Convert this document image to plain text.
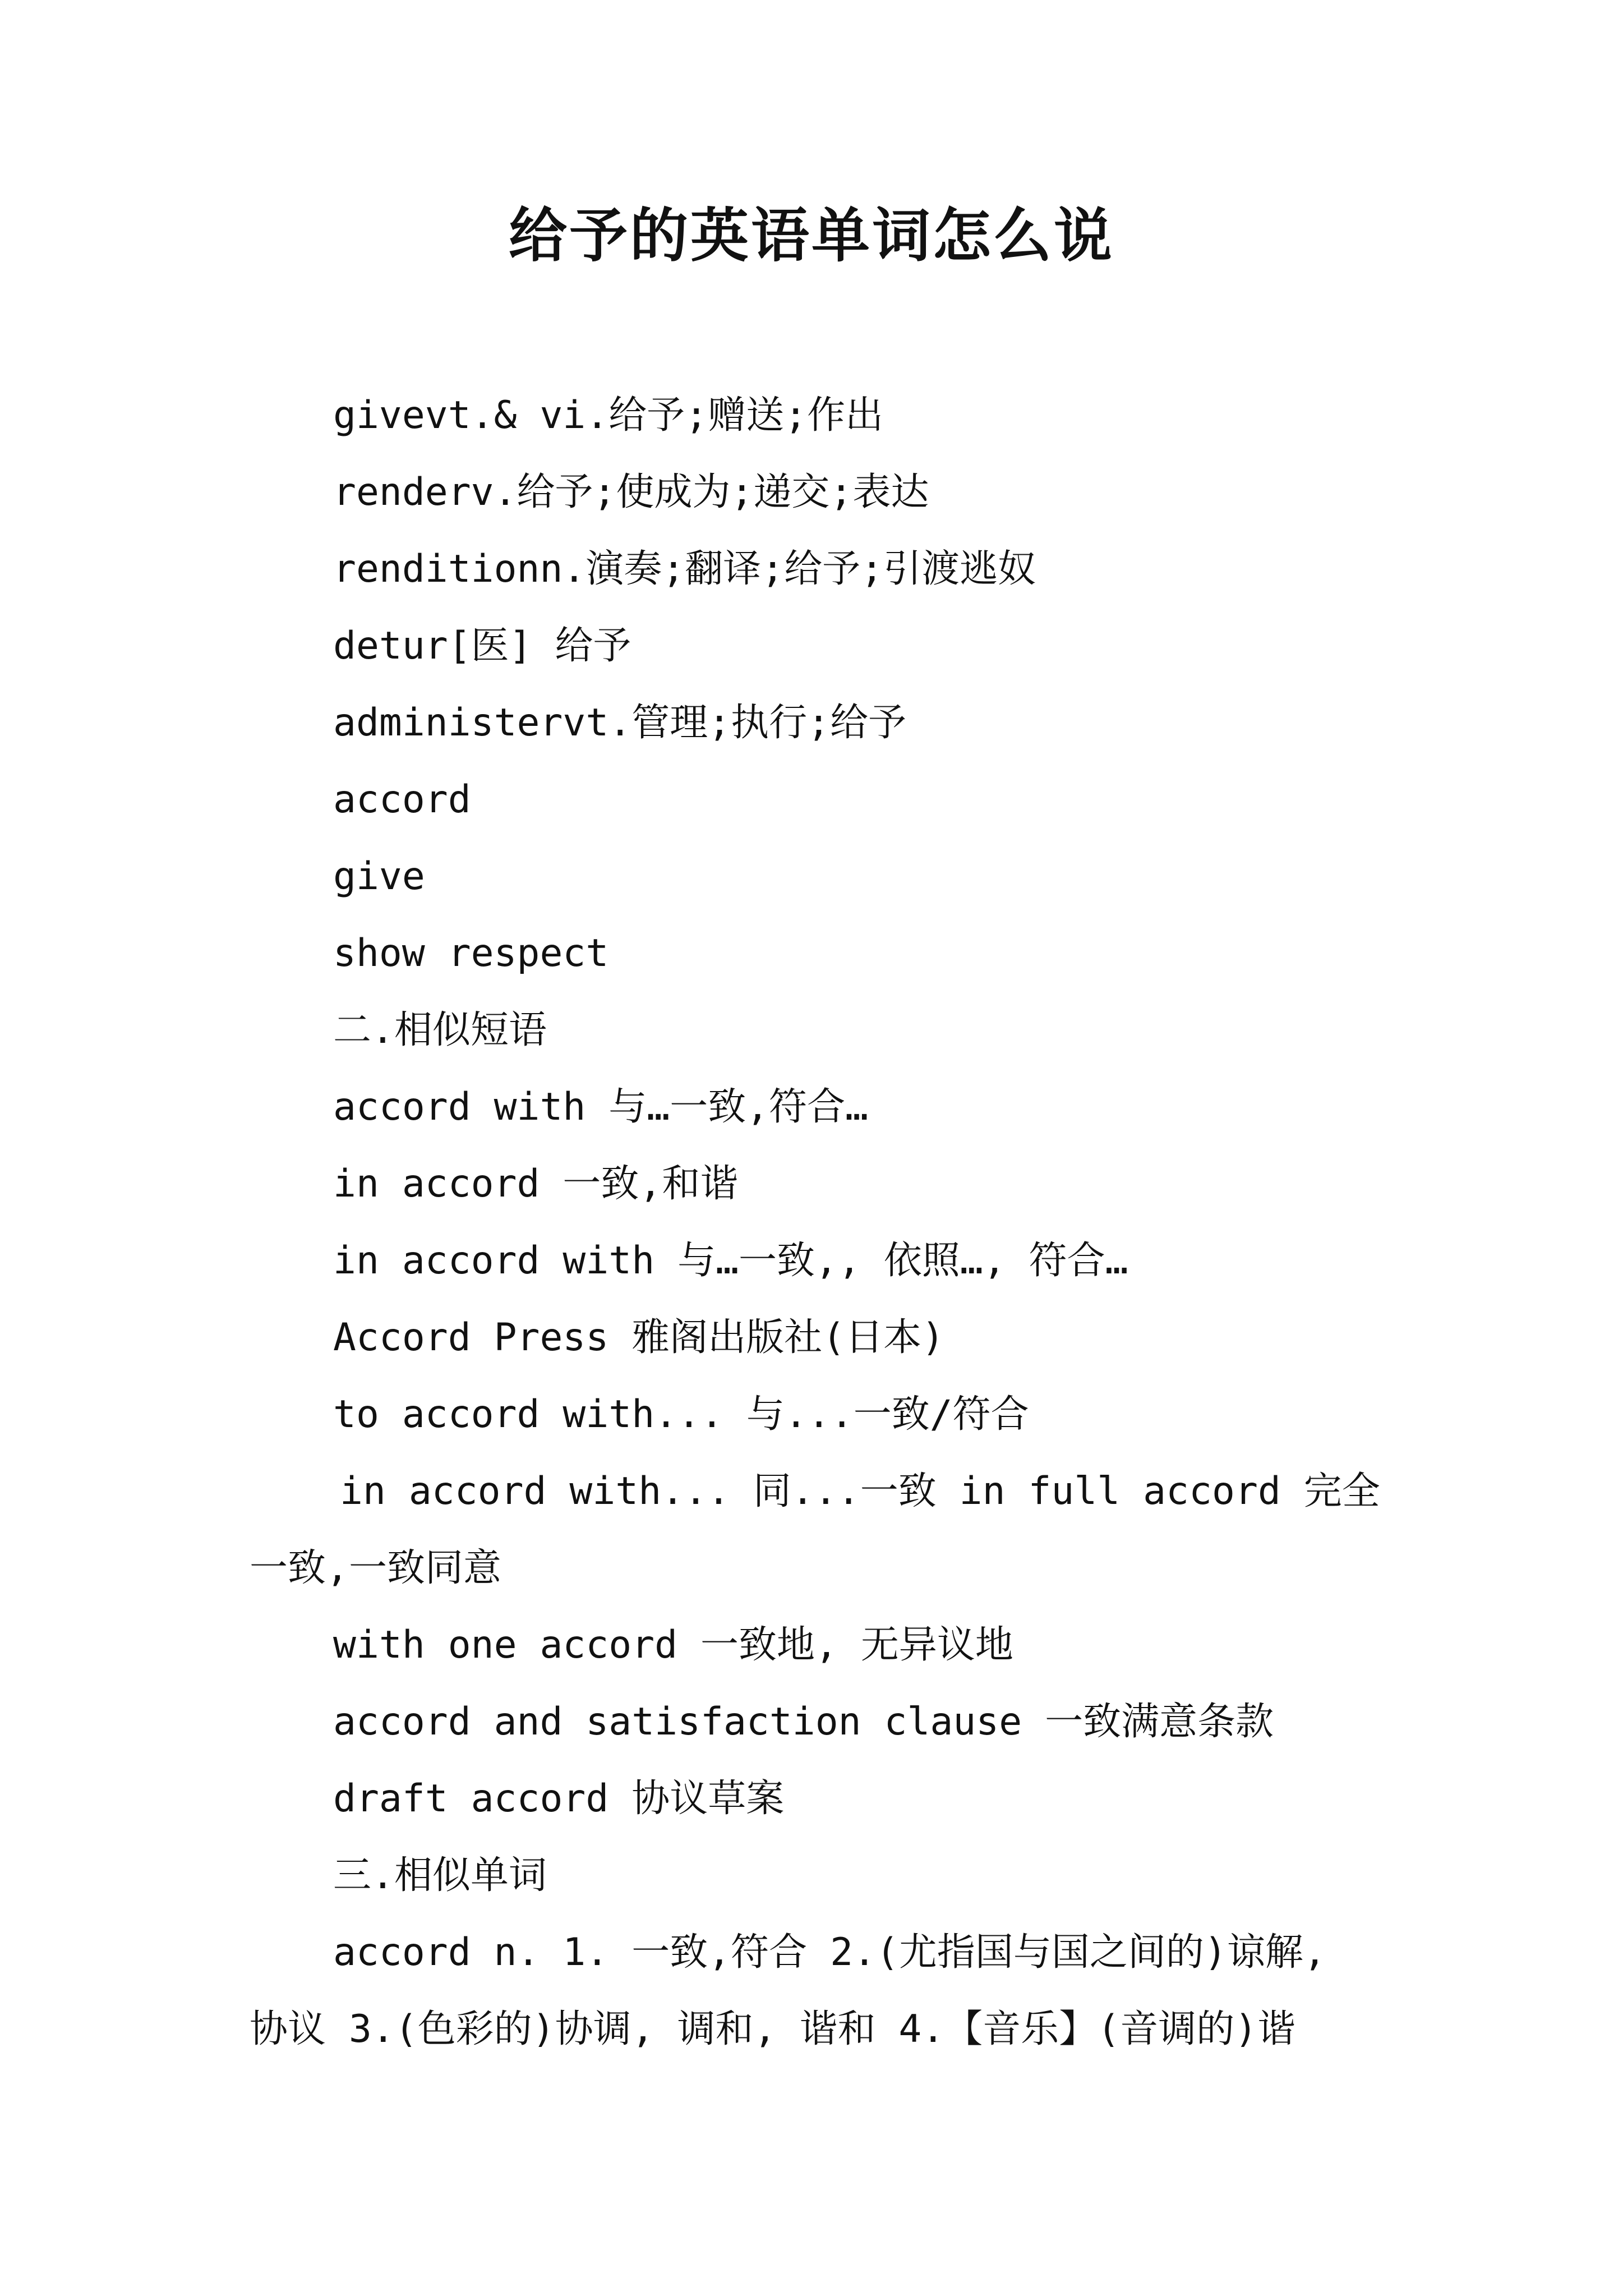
给予的英语单词怎么说

givevt.& vi.给予;赠送;作出

renderv.给予;使成为;递交;表达

renditionn.演奏;翻译;给予;引渡逃奴

detur[医] 给予

administervt.管理;执行;给予

accord

give

show respect

二.相似短语

accord with 与…一致,符合…

in accord 一致,和谐

in accord with 与…一致,, 依照…, 符合…

Accord Press 雅阁出版社(日本)

to accord with... 与...一致/符合

in accord with... 同...一致 in full accord 完全

一致,一致同意

with one accord 一致地, 无异议地

accord and satisfaction clause 一致满意条款

draft accord 协议草案

三.相似单词

accord n. 1. 一致,符合 2.(尤指国与国之间的)谅解,

协议 3.(色彩的)协调, 调和, 谐和 4.【音乐】(音调的)谐
